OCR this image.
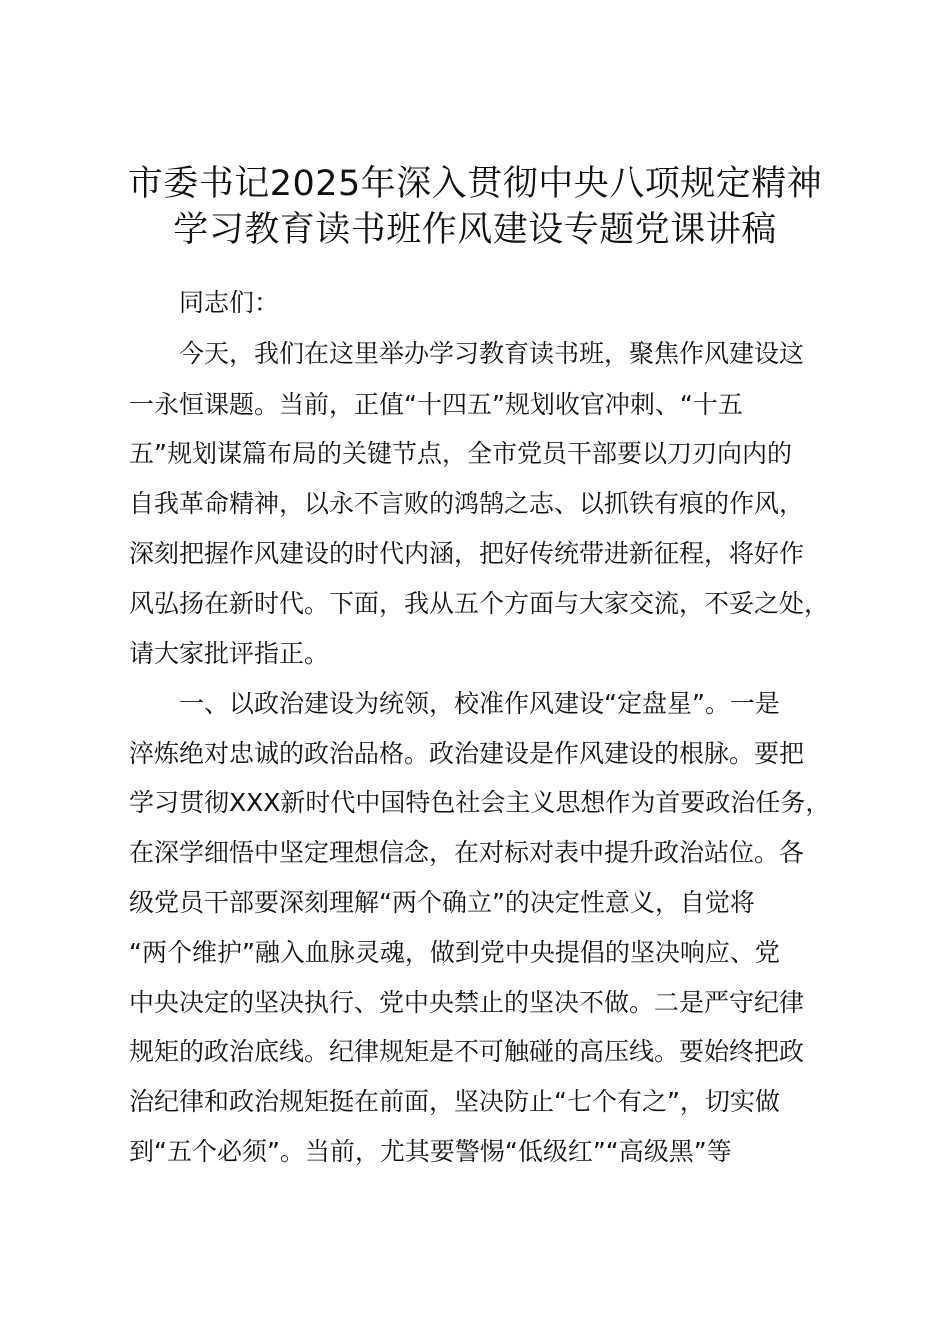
市委书记2025年深入贯彻中央八项规定精神
学习教育读书班作风建设专题党课讲稿
同志们：
今天，我们在这里举办学习教育读书班，聚焦作风建设这
一永恒课题。当前，正值“十四五”规划收官冲刺、“十五
五”规划谋篇布局的关键节点，全市党员干部要以刀刃向内的
自我革命精神，以永不言败的鸿鹄之志、以抓铁有痕的作风，
深刻把握作风建设的时代内涵，把好传统带进新征程，将好作
风弘扬在新时代。下面，我从五个方面与大家交流，不妥之处，
请大家批评指正。
一、以政治建设为统领，校准作风建设“定盘星”。一是
淬炼绝对忠诚的政治品格。政治建设是作风建设的根脉。要把
学习贯彻XXX新时代中国特色社会主义思想作为首要政治任务，
在深学细悟中坚定理想信念，在对标对表中提升政治站位。各
级党员干部要深刻理解“两个确立”的决定性意义，自觉将
“两个维护”融入血脉灵魂，做到党中央提倡的坚决响应、党
中央决定的坚决执行、党中央禁止的坚决不做。二是严守纪律
规矩的政治底线。纪律规矩是不可触碰的高压线。要始终把政
治纪律和政治规矩挺在前面，坚决防止“七个有之”，切实做
到“五个必须”。当前，尤其要警惕“低级红”“高级黑”等
